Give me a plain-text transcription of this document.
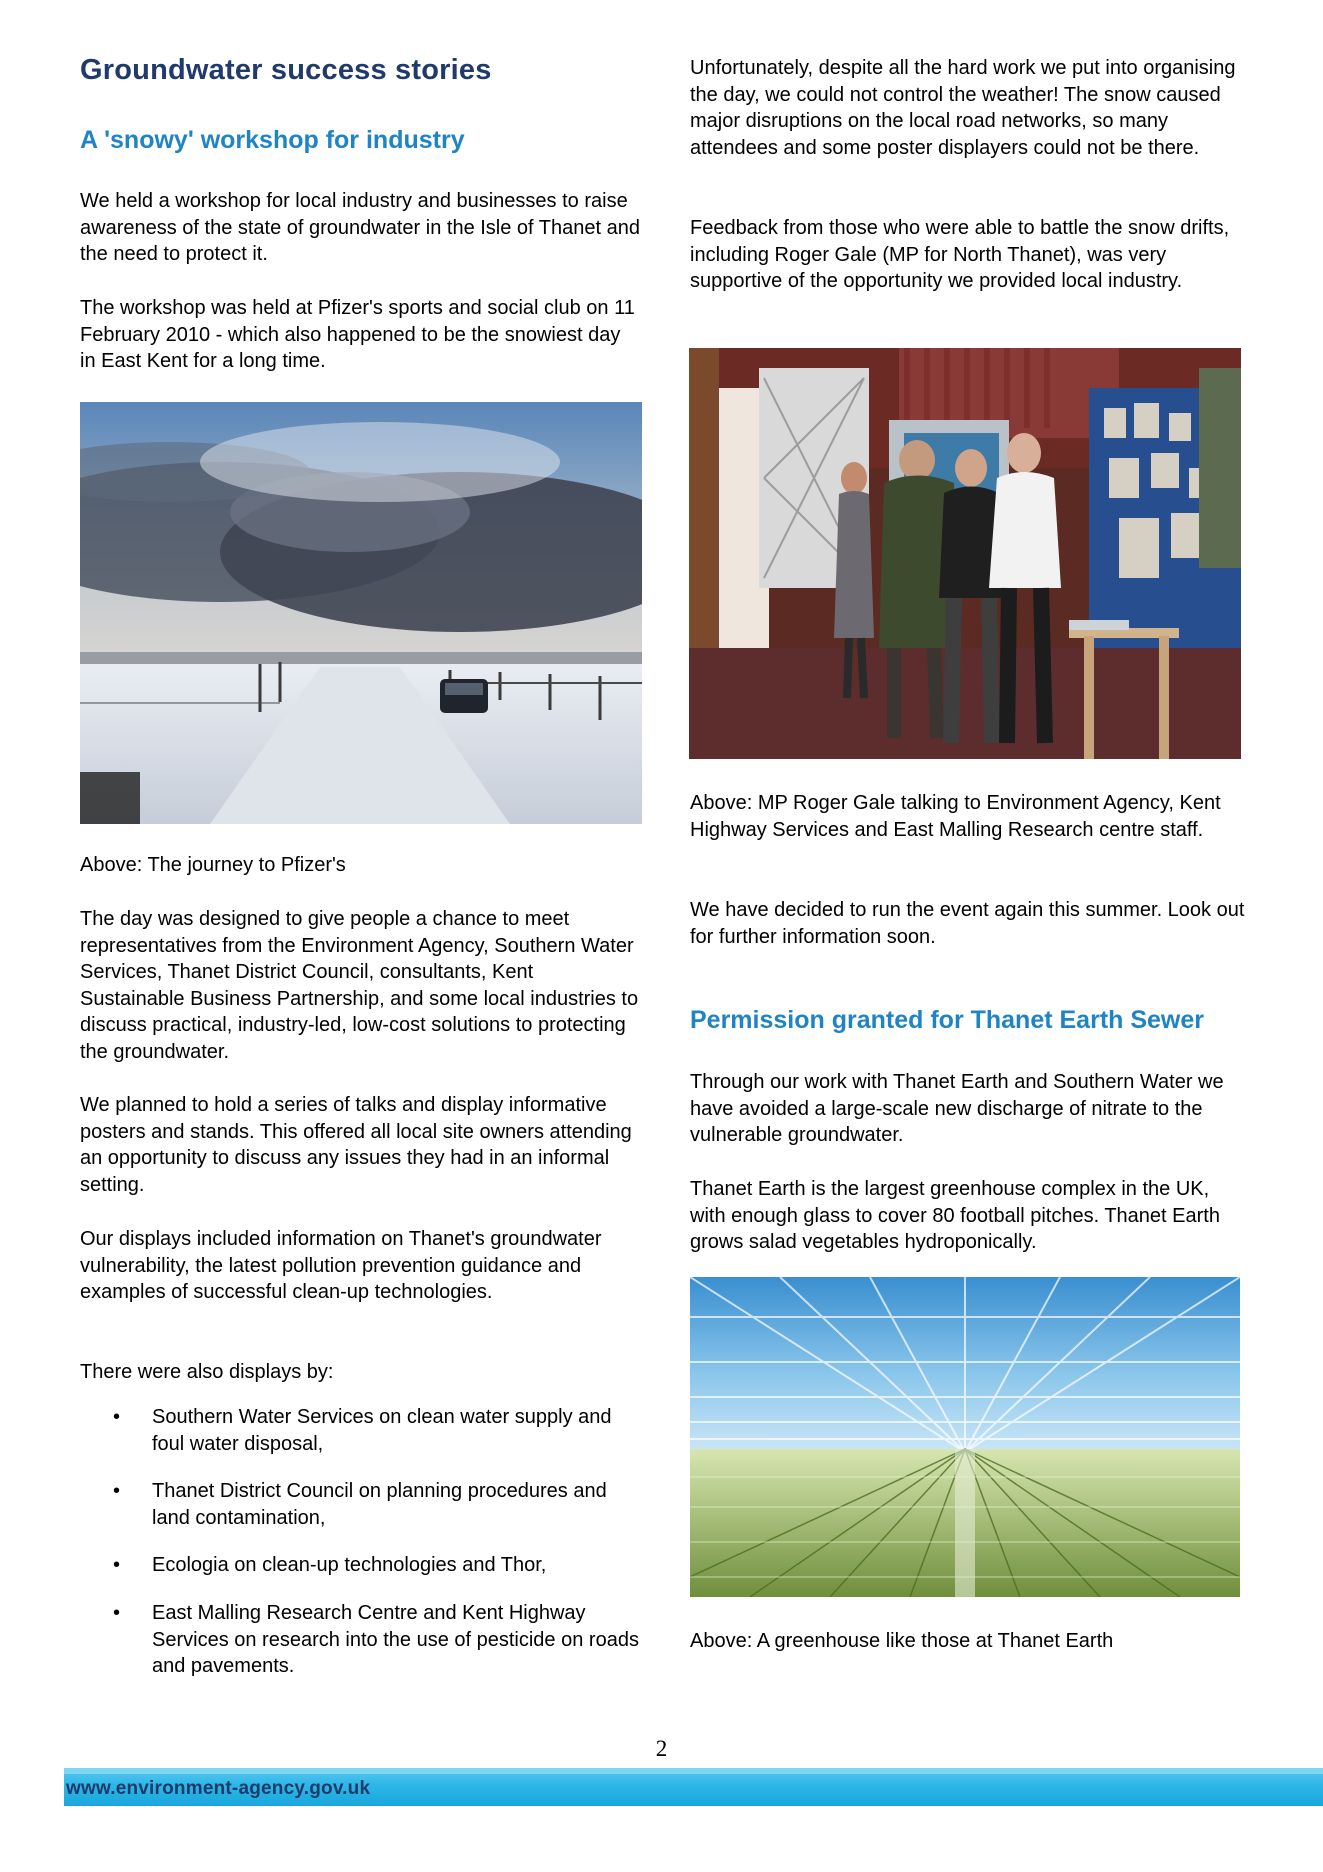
Groundwater success stories
A 'snowy' workshop for industry

We held a workshop for local industry and businesses to raise awareness of the state of groundwater in the Isle of Thanet and the need to protect it.

The workshop was held at Pfizer's sports and social club on 11 February 2010 - which also happened to be the snowiest day in East Kent for a long time.

Above: The journey to Pfizer's

The day was designed to give people a chance to meet representatives from the Environment Agency, Southern Water Services, Thanet District Council, consultants, Kent Sustainable Business Partnership, and some local industries to discuss practical, industry-led, low-cost solutions to protecting the groundwater.

We planned to hold a series of talks and display informative posters and stands. This offered all local site owners attending an opportunity to discuss any issues they had in an informal setting.

Our displays included information on Thanet's groundwater vulnerability, the latest pollution prevention guidance and examples of successful clean-up technologies.

There were also displays by:

• Southern Water Services on clean water supply and foul water disposal,
• Thanet District Council on planning procedures and land contamination,
• Ecologia on clean-up technologies and Thor,
• East Malling Research Centre and Kent Highway Services on research into the use of pesticide on roads and pavements.

Unfortunately, despite all the hard work we put into organising the day, we could not control the weather! The snow caused major disruptions on the local road networks, so many attendees and some poster displayers could not be there.

Feedback from those who were able to battle the snow drifts, including Roger Gale (MP for North Thanet), was very supportive of the opportunity we provided local industry.

Above: MP Roger Gale talking to Environment Agency, Kent Highway Services and East Malling Research centre staff.

We have decided to run the event again this summer. Look out for further information soon.

Permission granted for Thanet Earth Sewer

Through our work with Thanet Earth and Southern Water we have avoided a large-scale new discharge of nitrate to the vulnerable groundwater.

Thanet Earth is the largest greenhouse complex in the UK, with enough glass to cover 80 football pitches. Thanet Earth grows salad vegetables hydroponically.

Above: A greenhouse like those at Thanet Earth

2
www.environment-agency.gov.uk
